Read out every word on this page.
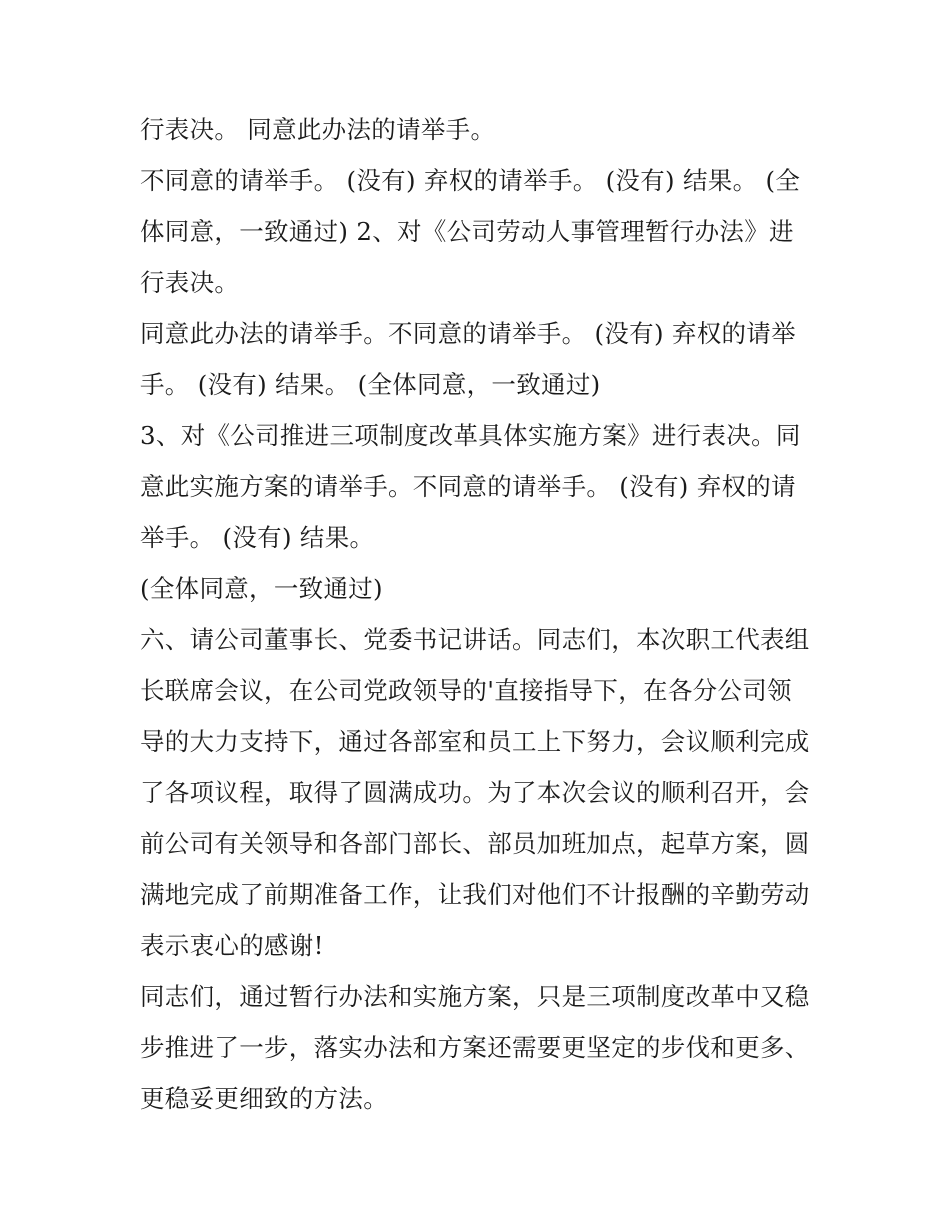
行表决。 同意此办法的请举手。
不同意的请举手。 (没有) 弃权的请举手。 (没有) 结果。 (全
体同意，一致通过) 2、对《公司劳动人事管理暂行办法》进
行表决。
同意此办法的请举手。不同意的请举手。 (没有) 弃权的请举
手。 (没有) 结果。 (全体同意，一致通过)
3、对《公司推进三项制度改革具体实施方案》进行表决。同
意此实施方案的请举手。不同意的请举手。 (没有) 弃权的请
举手。 (没有) 结果。
(全体同意，一致通过)
六、请公司董事长、党委书记讲话。同志们，本次职工代表组
长联席会议，在公司党政领导的'直接指导下，在各分公司领
导的大力支持下，通过各部室和员工上下努力，会议顺利完成
了各项议程，取得了圆满成功。为了本次会议的顺利召开，会
前公司有关领导和各部门部长、部员加班加点，起草方案，圆
满地完成了前期准备工作，让我们对他们不计报酬的辛勤劳动
表示衷心的感谢!
同志们，通过暂行办法和实施方案，只是三项制度改革中又稳
步推进了一步，落实办法和方案还需要更坚定的步伐和更多、
更稳妥更细致的方法。
